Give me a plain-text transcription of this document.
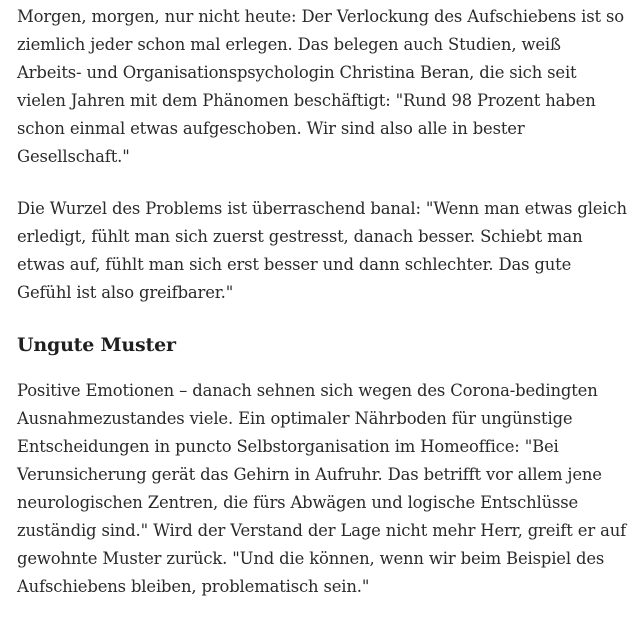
Morgen, morgen, nur nicht heute: Der Verlockung des Aufschiebens ist so ziemlich jeder schon mal erlegen. Das belegen auch Studien, weiß Arbeits- und Organisationspsychologin Christina Beran, die sich seit vielen Jahren mit dem Phänomen beschäftigt: "Rund 98 Prozent haben schon einmal etwas aufgeschoben. Wir sind also alle in bester Gesellschaft."

Die Wurzel des Problems ist überraschend banal: "Wenn man etwas gleich erledigt, fühlt man sich zuerst gestresst, danach besser. Schiebt man etwas auf, fühlt man sich erst besser und dann schlechter. Das gute Gefühl ist also greifbarer."

Ungute Muster

Positive Emotionen – danach sehnen sich wegen des Corona-bedingten Ausnahmezustandes viele. Ein optimaler Nährboden für ungünstige Entscheidungen in puncto Selbstorganisation im Homeoffice: "Bei Verunsicherung gerät das Gehirn in Aufruhr. Das betrifft vor allem jene neurologischen Zentren, die fürs Abwägen und logische Entschlüsse zuständig sind." Wird der Verstand der Lage nicht mehr Herr, greift er auf gewohnte Muster zurück. "Und die können, wenn wir beim Beispiel des Aufschiebens bleiben, problematisch sein."
